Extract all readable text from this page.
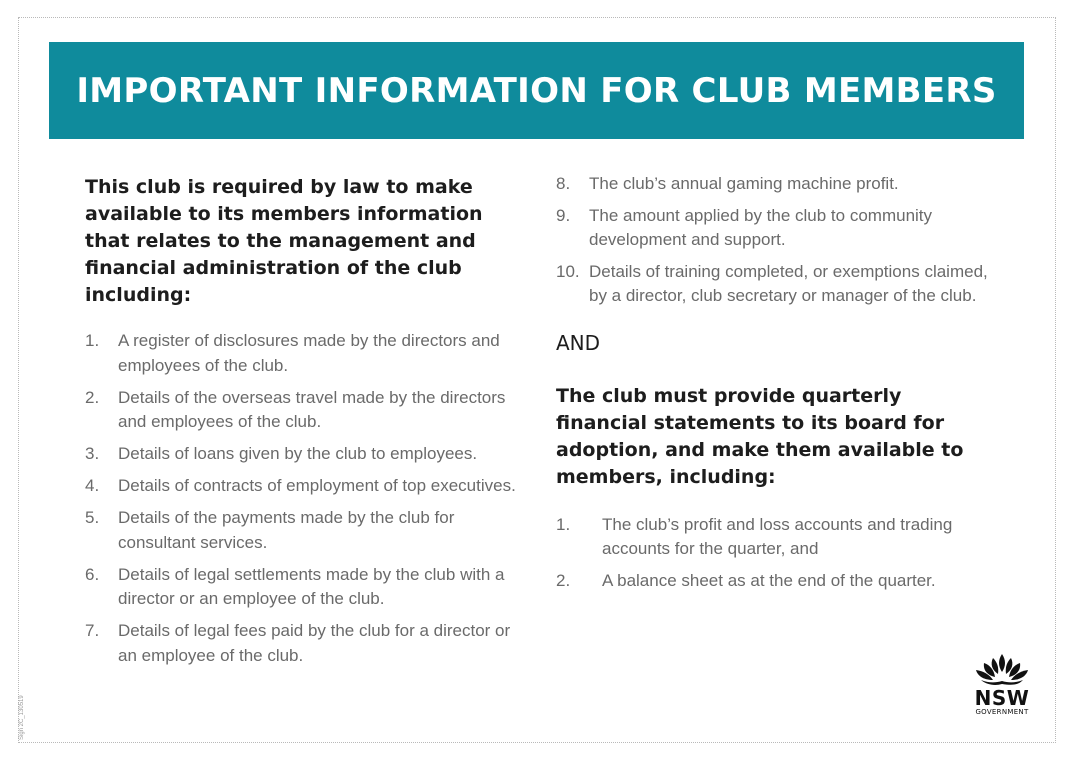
IMPORTANT INFORMATION FOR CLUB MEMBERS

This club is required by law to make available to its members information that relates to the management and financial administration of the club including:

1.	A register of disclosures made by the directors and employees of the club.
2.	Details of the overseas travel made by the directors and employees of the club.
3.	Details of loans given by the club to employees.
4.	Details of contracts of employment of top executives.
5.	Details of the payments made by the club for consultant services.
6.	Details of legal settlements made by the club with a director or an employee of the club.
7.	Details of legal fees paid by the club for a director or an employee of the club.
8.	The club’s annual gaming machine profit.
9.	The amount applied by the club to community development and support.
10. Details of training completed, or exemptions claimed, by a director, club secretary or manager of the club.
AND

The club must provide quarterly financial statements to its board for adoption, and make them available to members, including:

1.	The club’s profit and loss accounts and trading accounts for the quarter, and
2.	A balance sheet as at the end of the quarter.
NSW
GOVERNMENT
Sign 2C_130519
